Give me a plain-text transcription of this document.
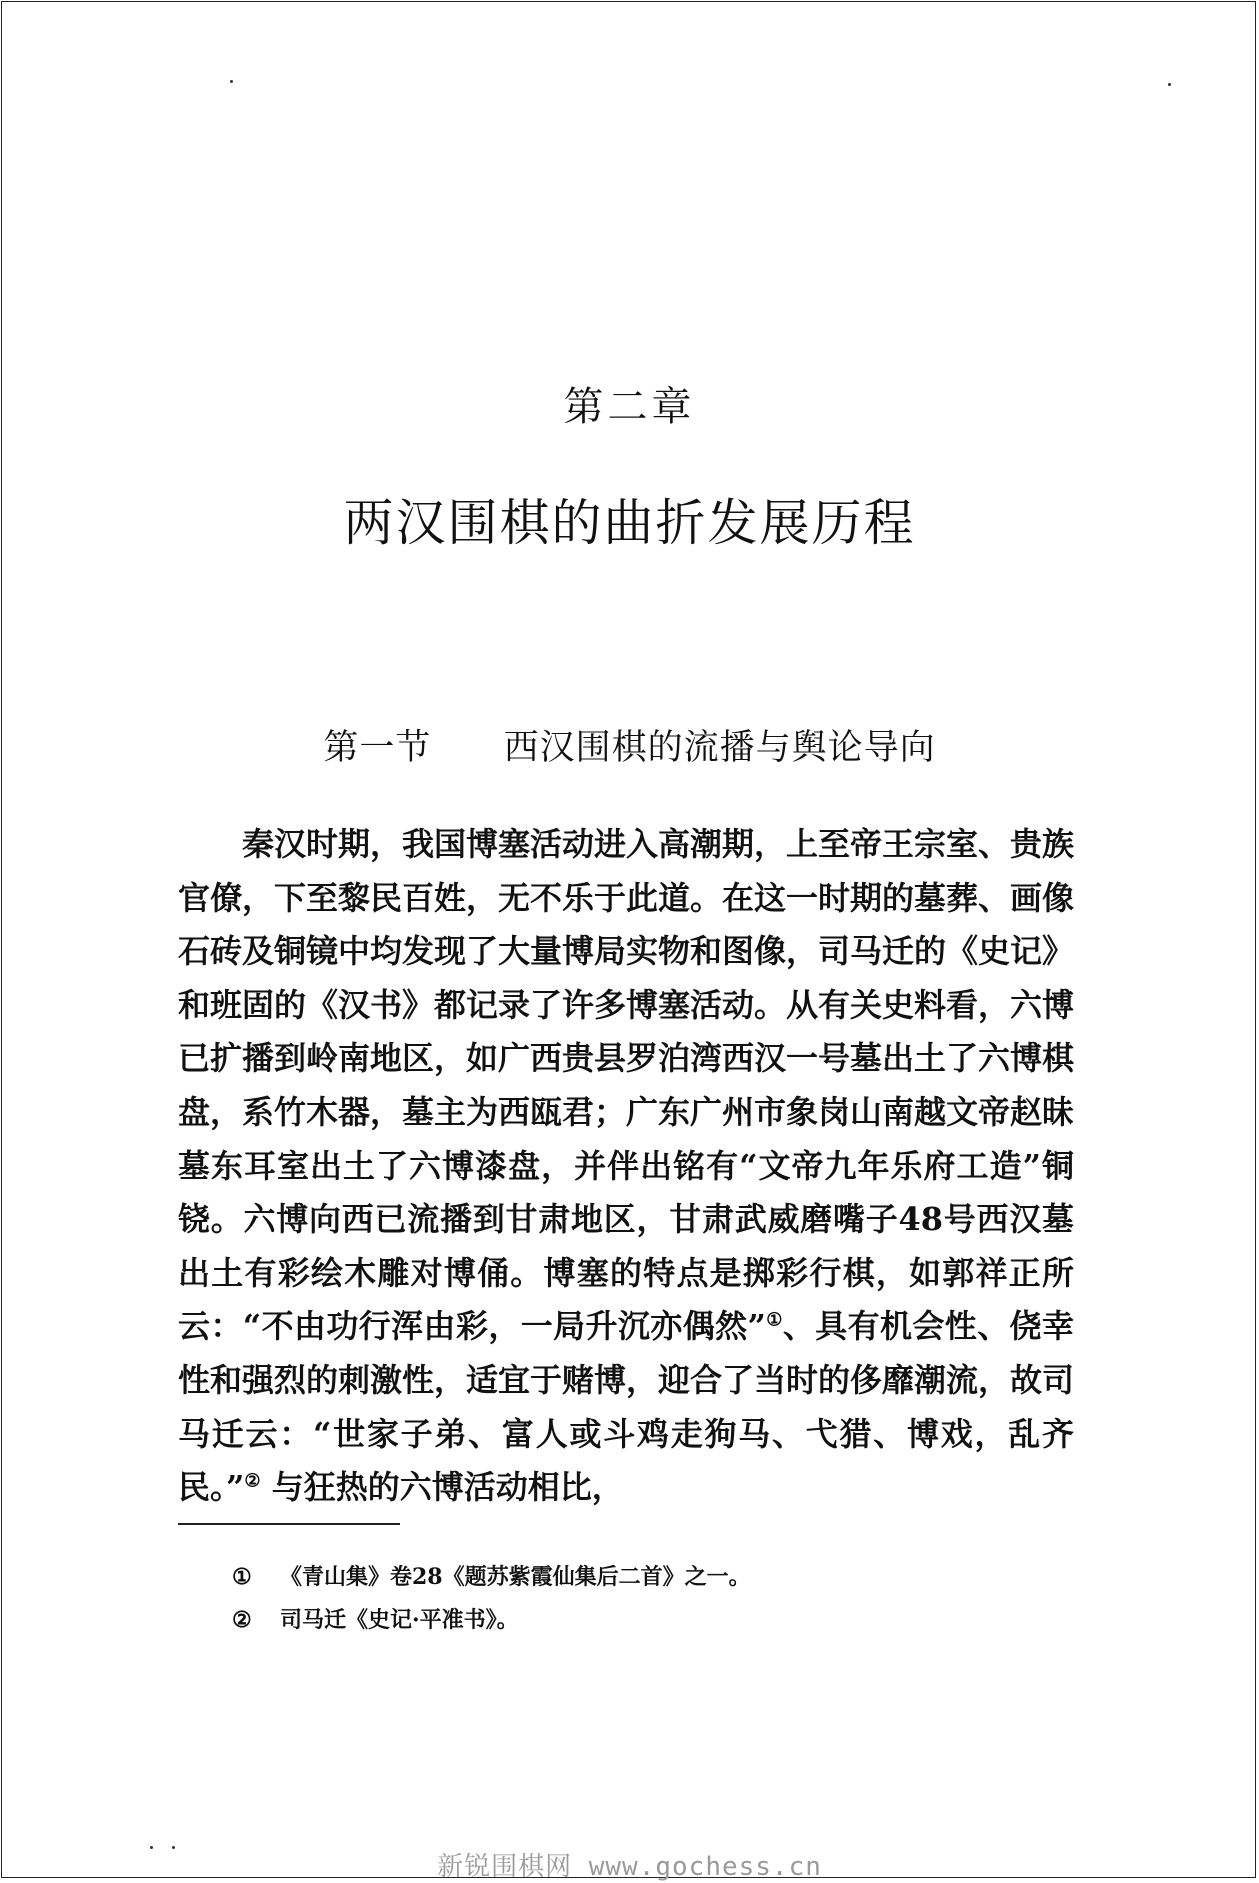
第二章
两汉围棋的曲折发展历程
第一节 西汉围棋的流播与舆论导向

秦汉时期，我国博塞活动进入高潮期，上至帝王宗室、贵族官僚，下至黎民百姓，无不乐于此道。在这一时期的墓葬、画像石砖及铜镜中均发现了大量博局实物和图像，司马迁的《史记》和班固的《汉书》都记录了许多博塞活动。从有关史料看，六博已扩播到岭南地区，如广西贵县罗泊湾西汉一号墓出土了六博棋盘，系竹木器，墓主为西瓯君；广东广州市象岗山南越文帝赵昧墓东耳室出土了六博漆盘，并伴出铭有“文帝九年乐府工造”铜铙。六博向西已流播到甘肃地区，甘肃武威磨嘴子48号西汉墓出土有彩绘木雕对博俑。博塞的特点是掷彩行棋，如郭祥正所云：“不由功行浑由彩，一局升沉亦偶然”①、具有机会性、侥幸性和强烈的刺激性，适宜于赌博，迎合了当时的侈靡潮流，故司马迁云：“世家子弟、富人或斗鸡走狗马、弋猎、博戏，乱齐民。”② 与狂热的六博活动相比，

① 《青山集》卷28《题苏紫霞仙集后二首》之一。
② 司马迁《史记·平准书》。
新锐围棋网 www.gochess.cn
